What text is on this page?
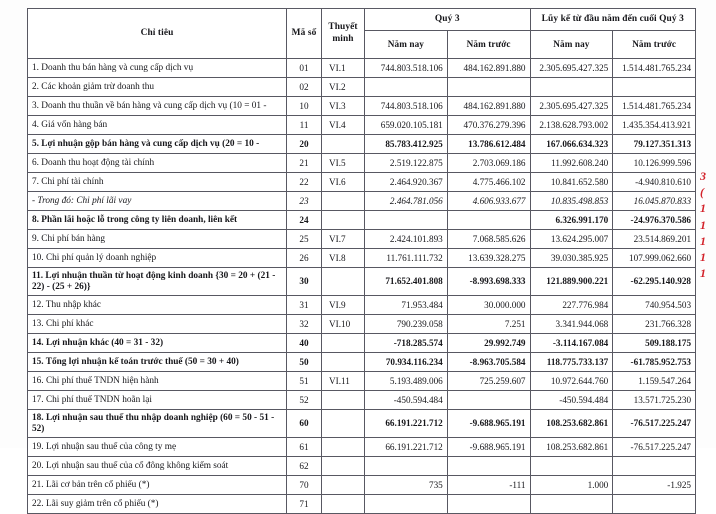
Chỉ tiêu	Mã số	Thuyết minh	Quý 3		Lũy kế từ đầu năm đến cuối Quý 3	
			Năm nay	Năm trước	Năm nay	Năm trước
1. Doanh thu bán hàng và cung cấp dịch vụ	01	VI.1	744.803.518.106	484.162.891.880	2.305.695.427.325	1.514.481.765.234
2. Các khoản giảm trừ doanh thu	02	VI.2				
3. Doanh thu thuần về bán hàng và cung cấp dịch vụ (10 = 01 -	10	VI.3	744.803.518.106	484.162.891.880	2.305.695.427.325	1.514.481.765.234
4. Giá vốn hàng bán	11	VI.4	659.020.105.181	470.376.279.396	2.138.628.793.002	1.435.354.413.921
5. Lợi nhuận gộp bán hàng và cung cấp dịch vụ (20 = 10 -	20		85.783.412.925	13.786.612.484	167.066.634.323	79.127.351.313
6. Doanh thu hoạt động tài chính	21	VI.5	2.519.122.875	2.703.069.186	11.992.608.240	10.126.999.596
7. Chi phí tài chính	22	VI.6	2.464.920.367	4.775.466.102	10.841.652.580	-4.940.810.610
- Trong đó: Chi phí lãi vay	23		2.464.781.056	4.606.933.677	10.835.498.853	16.045.870.833
8. Phần lãi hoặc lỗ trong công ty liên doanh, liên kết	24				6.326.991.170	-24.976.370.586
9. Chi phí bán hàng	25	VI.7	2.424.101.893	7.068.585.626	13.624.295.007	23.514.869.201
10. Chi phí quản lý doanh nghiệp	26	VI.8	11.761.111.732	13.639.328.275	39.030.385.925	107.999.062.660
11. Lợi nhuận thuần từ hoạt động kinh doanh {30 = 20 + (21 - 22) - (25 + 26)}	30		71.652.401.808	-8.993.698.333	121.889.900.221	-62.295.140.928
12. Thu nhập khác	31	VI.9	71.953.484	30.000.000	227.776.984	740.954.503
13. Chi phí khác	32	VI.10	790.239.058	7.251	3.341.944.068	231.766.328
14. Lợi nhuận khác (40 = 31 - 32)	40		-718.285.574	29.992.749	-3.114.167.084	509.188.175
15. Tổng lợi nhuận kế toán trước thuế (50 = 30 + 40)	50		70.934.116.234	-8.963.705.584	118.775.733.137	-61.785.952.753
16. Chi phí thuế TNDN hiện hành	51	VI.11	5.193.489.006	725.259.607	10.972.644.760	1.159.547.264
17. Chi phí thuế TNDN hoãn lại	52		-450.594.484		-450.594.484	13.571.725.230
18. Lợi nhuận sau thuế thu nhập doanh nghiệp (60 = 50 - 51 - 52)	60		66.191.221.712	-9.688.965.191	108.253.682.861	-76.517.225.247
19. Lợi nhuận sau thuế của công ty mẹ	61		66.191.221.712	-9.688.965.191	108.253.682.861	-76.517.225.247
20. Lợi nhuận sau thuế của cổ đông không kiểm soát	62					
21. Lãi cơ bản trên cổ phiếu (*)	70		735	-111	1.000	-1.925
22. Lãi suy giảm trên cổ phiếu (*)	71					
3
(
1
1
1
1
1
